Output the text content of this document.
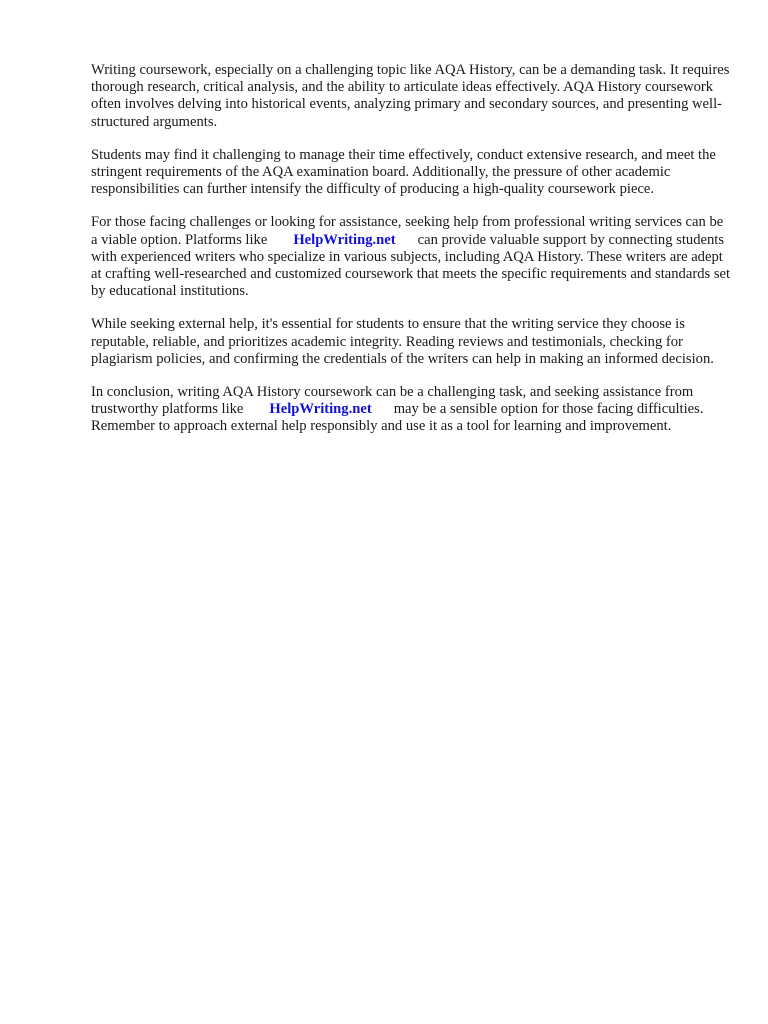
Writing coursework, especially on a challenging topic like AQA History, can be a demanding task. It requires thorough research, critical analysis, and the ability to articulate ideas effectively. AQA History coursework often involves delving into historical events, analyzing primary and secondary sources, and presenting well-structured arguments.

Students may find it challenging to manage their time effectively, conduct extensive research, and meet the stringent requirements of the AQA examination board. Additionally, the pressure of other academic responsibilities can further intensify the difficulty of producing a high-quality coursework piece.

For those facing challenges or looking for assistance, seeking help from professional writing services can be a viable option. Platforms like HelpWriting.net can provide valuable support by connecting students with experienced writers who specialize in various subjects, including AQA History. These writers are adept at crafting well-researched and customized coursework that meets the specific requirements and standards set by educational institutions.

While seeking external help, it's essential for students to ensure that the writing service they choose is reputable, reliable, and prioritizes academic integrity. Reading reviews and testimonials, checking for plagiarism policies, and confirming the credentials of the writers can help in making an informed decision.

In conclusion, writing AQA History coursework can be a challenging task, and seeking assistance from trustworthy platforms like HelpWriting.net may be a sensible option for those facing difficulties. Remember to approach external help responsibly and use it as a tool for learning and improvement.
